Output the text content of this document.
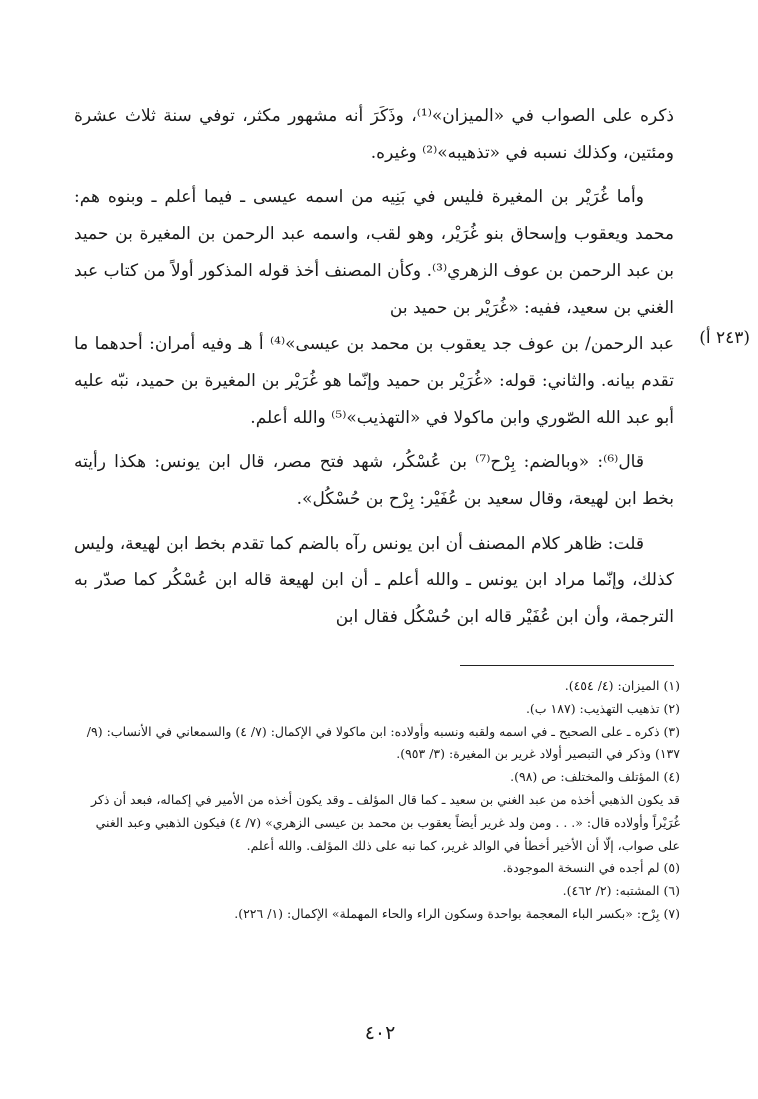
ذكره على الصواب في «الميزان»⁽¹⁾، وذَكَرَ أنه مشهور مكثر، توفي سنة ثلاث عشرة ومئتين، وكذلك نسبه في «تذهيبه»⁽²⁾ وغيره.

وأما غُرَيْر بن المغيرة فليس في بَنِيه من اسمه عيسى ـ فيما أعلم ـ وبنوه هم: محمد ويعقوب وإسحاق بنو غُرَيْر، وهو لقب، واسمه عبد الرحمن بن المغيرة بن حميد بن عبد الرحمن بن عوف الزهري⁽³⁾. وكأن المصنف أخذ قوله المذكور أولاً من كتاب عبد الغني بن سعيد، ففيه: «غُرَيْر بن حميد بن

عبد الرحمن/ بن عوف جد يعقوب بن محمد بن عيسى»⁽⁴⁾ أ هـ وفيه أمران: أحدهما ما تقدم بيانه. والثاني: قوله: «غُرَيْر بن حميد وإنّما هو غُرَيْر بن المغيرة بن حميد، نبّه عليه أبو عبد الله الصّوري وابن ماكولا في «التهذيب»⁽⁵⁾ والله أعلم.

قال⁽⁶⁾: «وبالضم: بِرْح⁽⁷⁾ بن عُسْكُر، شهد فتح مصر، قال ابن يونس: هكذا رأيته بخط ابن لهيعة، وقال سعيد بن عُفَيْر: بِرْح بن حُسْكُل».

قلت: ظاهر كلام المصنف أن ابن يونس رآه بالضم كما تقدم بخط ابن لهيعة، وليس كذلك، وإنّما مراد ابن يونس ـ والله أعلم ـ أن ابن لهيعة قاله ابن عُسْكُر كما صدّر به الترجمة، وأن ابن عُفَيْر قاله ابن حُسْكُل فقال ابن

(٢٤٣ أ)

(١) الميزان: (٤/ ٤٥٤).

(٢) تذهيب التهذيب: (١٨٧ ب).

(٣) ذكره ـ على الصحيح ـ في اسمه ولقبه ونسبه وأولاده: ابن ماكولا في الإكمال: (٧/ ٤) والسمعاني في الأنساب: (٩/ ١٣٧) وذكر في التبصير أولاد غرير بن المغيرة: (٣/ ٩٥٣).

(٤) المؤتلف والمختلف: ص (٩٨).

قد يكون الذهبي أخذه من عبد الغني بن سعيد ـ كما قال المؤلف ـ وقد يكون أخذه من الأمير في إكماله، فبعد أن ذكر غُرَيْراً وأولاده قال: «. . . ومن ولد غرير أيضاً يعقوب بن محمد بن عيسى الزهري» (٧/ ٤) فيكون الذهبي وعبد الغني على صواب، إلّا أن الأخير أخطأ في الوالد غرير، كما نبه على ذلك المؤلف. والله أعلم.

(٥) لم أجده في النسخة الموجودة.

(٦) المشتبه: (٢/ ٤٦٢).

(٧) بِرْح: «بكسر الباء المعجمة بواحدة وسكون الراء والحاء المهملة» الإكمال: (١/ ٢٢٦).

٤٠٢
